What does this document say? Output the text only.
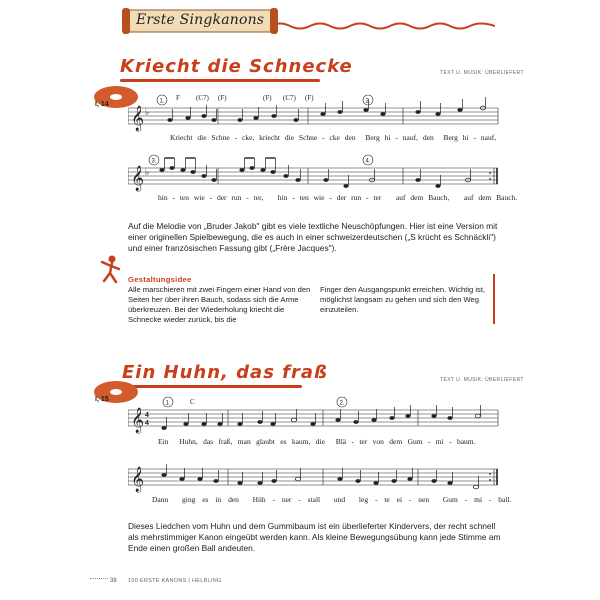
Erste Singkanons
Kriecht die Schnecke	TEXT U. MUSIK: ÜBERLIEFERT
I, 14
F (C7) (F)	(F) (C7) (F)
𝄞 ♭
1.	2.
Kriecht die Schne - cke, kriecht die Schne - cke den Berg hi - nauf, den Berg hi - nauf,
𝄞 ♭
3.	4.
hin - ten wie - der run - ter, hin - ten wie - der run - ter auf dem Bauch, auf dem Bauch.
Auf die Melodie von „Bruder Jakob" gibt es viele textliche Neuschöpfungen. Hier ist eine Version mit einer originellen Spielbewegung, die es auch in einer schweizerdeutschen („S krücht es Schnäckli") und einer französischen Fassung gibt („Frère Jacques").
Gestaltungsidee
Alle marschieren mit zwei Fingern einer Hand von den Seiten her über ihren Bauch, sodass sich die Arme überkreuzen. Bei der Wiederholung kriecht die Schnecke wieder zurück, bis die
Finger den Ausgangspunkt erreichen. Wichtig ist, möglichst langsam zu gehen und sich den Weg einzuteilen.
Ein Huhn, das fraß	TEXT U. MUSIK: ÜBERLIEFERT
I, 15	C
𝄞 4
4
1.	2.
Ein Huhn, das fraß, man glaubt es kaum, die Blä - ter von dem Gum - mi - baum.
𝄞
Dann ging es in den Hüh - ner - stall und leg - te ei - nen Gum - mi - ball.
Dieses Liedchen vom Huhn und dem Gummibaum ist ein überlieferter Kindervers, der recht schnell als mehrstimmiger Kanon eingeübt werden kann. Als kleine Bewegungsübung kann jede Stimme am Ende einen großen Ball andeuten.
38 100 ERSTE KANONS | HELBLING
